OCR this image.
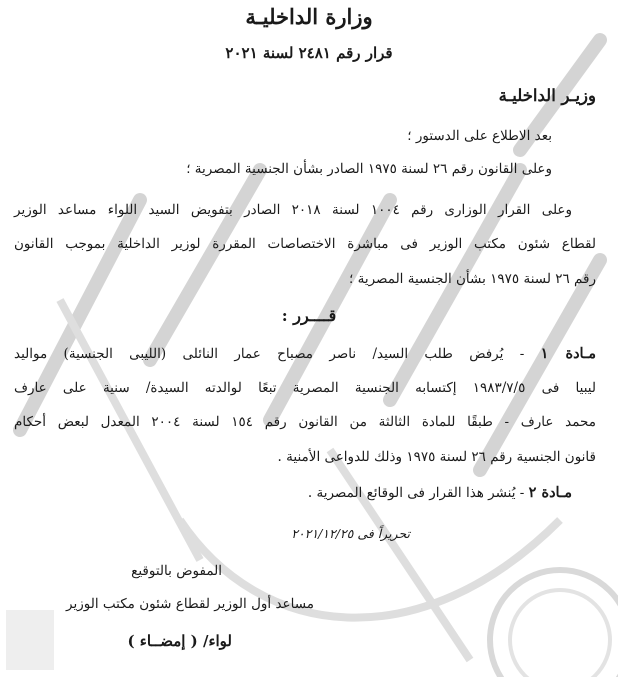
وزارة الداخليـة
قرار رقم ٢٤٨١ لسنة ٢٠٢١
وزيـر الداخليـة
بعد الاطلاع على الدستور ؛
وعلى القانون رقم ٢٦ لسنة ١٩٧٥ الصادر بشأن الجنسية المصرية ؛
وعلى القرار الوزارى رقم ١٠٠٤ لسنة ٢٠١٨ الصادر بتفويض السيد اللواء مساعد الوزير
لقطاع شئون مكتب الوزير فى مباشرة الاختصاصات المقررة لوزير الداخلية بموجب القانون
رقم ٢٦ لسنة ١٩٧٥ بشأن الجنسية المصرية ؛
قــــرر :
مـادة ١ - يُرفض طلب السيد/ ناصر مصباح عمار النائلى (الليبى الجنسية) مواليد
ليبيا فى ١٩٨٣/٧/٥ إكتسابه الجنسية المصرية تبعًا لوالدته السيدة/ سنية على عارف
محمد عارف - طبقًا للمادة الثالثة من القانون رقم ١٥٤ لسنة ٢٠٠٤ المعدل لبعض أحكام
قانون الجنسية رقم ٢٦ لسنة ١٩٧٥ وذلك للدواعى الأمنية .
مـادة ٢ - يُنشر هذا القرار فى الوقائع المصرية .
تحريراً فى ٢٠٢١/١٢/٢٥
المفوض بالتوقيع
مساعد أول الوزير لقطاع شئون مكتب الوزير
لواء/ ( إمضــاء )
